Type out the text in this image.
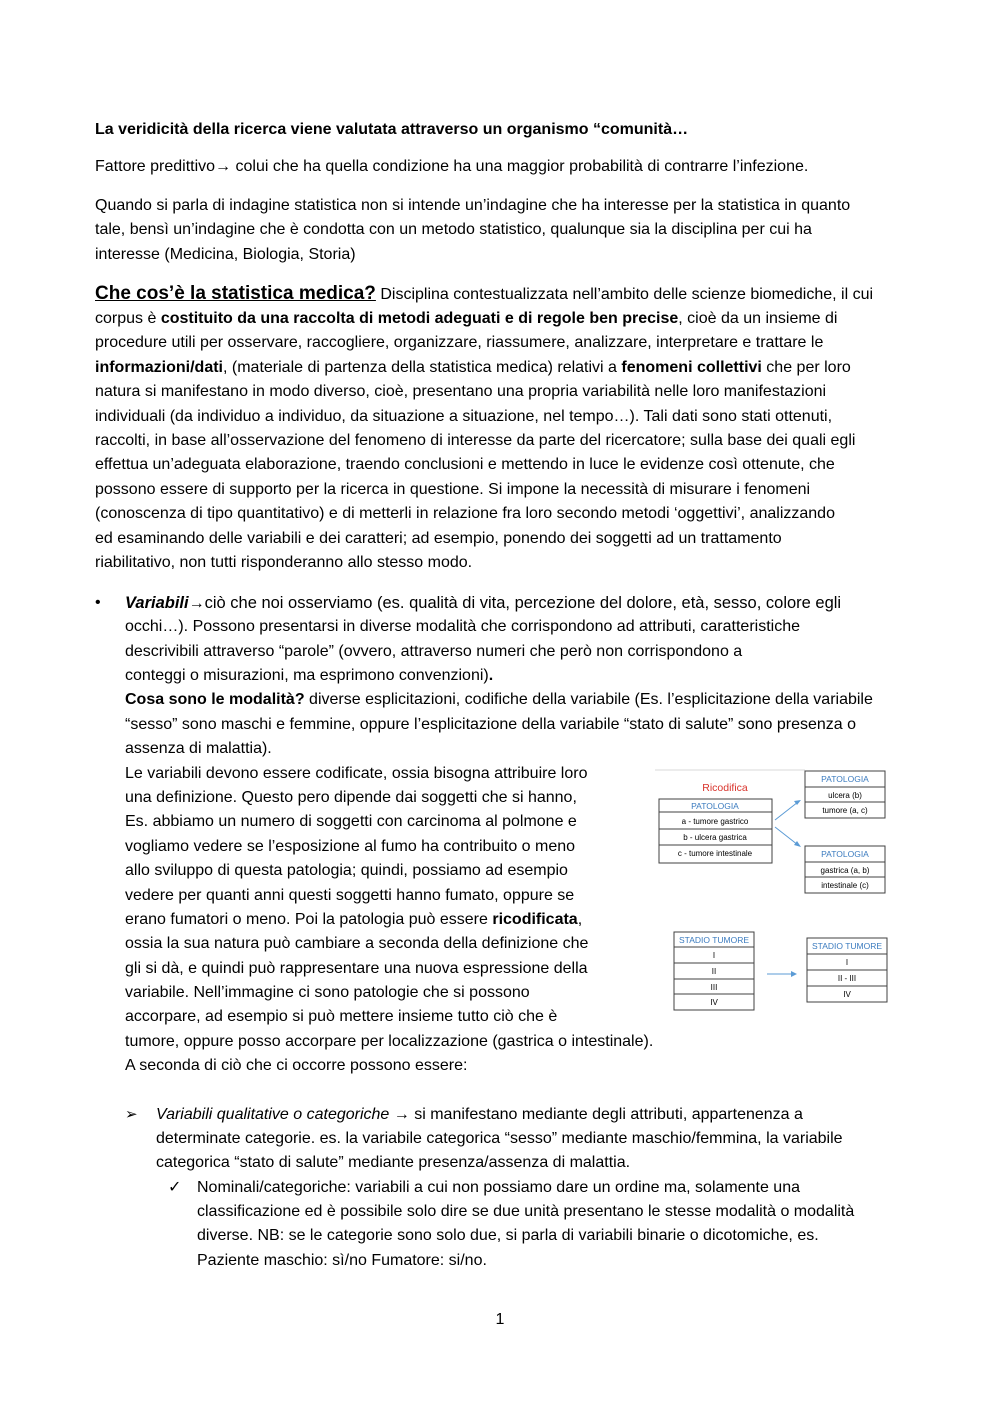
La veridicità della ricerca viene valutata attraverso un organismo “comunità…

Fattore predittivo→ colui che ha quella condizione ha una maggior probabilità di contrarre l’infezione.

Quando si parla di indagine statistica non si intende un’indagine che ha interesse per la statistica in quanto

tale, bensì un’indagine che è condotta con un metodo statistico, qualunque sia la disciplina per cui ha

interesse (Medicina, Biologia, Storia)

Che cos’è la statistica medica? Disciplina contestualizzata nell’ambito delle scienze biomediche, il cui

corpus è costituito da una raccolta di metodi adeguati e di regole ben precise, cioè da un insieme di

procedure utili per osservare, raccogliere, organizzare, riassumere, analizzare, interpretare e trattare le

informazioni/dati, (materiale di partenza della statistica medica) relativi a fenomeni collettivi che per loro

natura si manifestano in modo diverso, cioè, presentano una propria variabilità nelle loro manifestazioni

individuali (da individuo a individuo, da situazione a situazione, nel tempo…). Tali dati sono stati ottenuti,

raccolti, in base all’osservazione del fenomeno di interesse da parte del ricercatore; sulla base dei quali egli

effettua un’adeguata elaborazione, traendo conclusioni e mettendo in luce le evidenze così ottenute, che

possono essere di supporto per la ricerca in questione. Si impone la necessità di misurare i fenomeni

(conoscenza di tipo quantitativo) e di metterli in relazione fra loro secondo metodi ‘oggettivi’, analizzando

ed esaminando delle variabili e dei caratteri; ad esempio, ponendo dei soggetti ad un trattamento

riabilitativo, non tutti risponderanno allo stesso modo.

• Variabili→ciò che noi osserviamo (es. qualità di vita, percezione del dolore, età, sesso, colore egli

occhi…). Possono presentarsi in diverse modalità che corrispondono ad attributi, caratteristiche

descrivibili attraverso “parole” (ovvero, attraverso numeri che però non corrispondono a

conteggi o misurazioni, ma esprimono convenzioni).

Cosa sono le modalità? diverse esplicitazioni, codifiche della variabile (Es. l’esplicitazione della variabile

“sesso” sono maschi e femmine, oppure l’esplicitazione della variabile “stato di salute” sono presenza o

assenza di malattia).

Le variabili devono essere codificate, ossia bisogna attribuire loro

una definizione. Questo pero dipende dai soggetti che si hanno,

Es. abbiamo un numero di soggetti con carcinoma al polmone e

vogliamo vedere se l’esposizione al fumo ha contribuito o meno

allo sviluppo di questa patologia; quindi, possiamo ad esempio

vedere per quanti anni questi soggetti hanno fumato, oppure se

erano fumatori o meno. Poi la patologia può essere ricodificata,

ossia la sua natura può cambiare a seconda della definizione che

gli si dà, e quindi può rappresentare una nuova espressione della

variabile. Nell’immagine ci sono patologie che si possono

accorpare, ad esempio si può mettere insieme tutto ciò che è

tumore, oppure posso accorpare per localizzazione (gastrica o intestinale).

A seconda di ciò che ci occorre possono essere:

Ricodifica
PATOLOGIA
a - tumore gastrico
b - ulcera gastrica
c - tumore intestinale
PATOLOGIA
ulcera (b)
tumore (a, c)
PATOLOGIA
gastrica (a, b)
intestinale (c)
STADIO TUMORE
I
II
III
IV
STADIO TUMORE
I
II - III
IV
➢ Variabili qualitative o categoriche → si manifestano mediante degli attributi, appartenenza a

determinate categorie. es. la variabile categorica “sesso” mediante maschio/femmina, la variabile

categorica “stato di salute” mediante presenza/assenza di malattia.

✓ Nominali/categoriche: variabili a cui non possiamo dare un ordine ma, solamente una

classificazione ed è possibile solo dire se due unità presentano le stesse modalità o modalità

diverse. NB: se le categorie sono solo due, si parla di variabili binarie o dicotomiche, es.

Paziente maschio: sì/no Fumatore: si/no.

1
